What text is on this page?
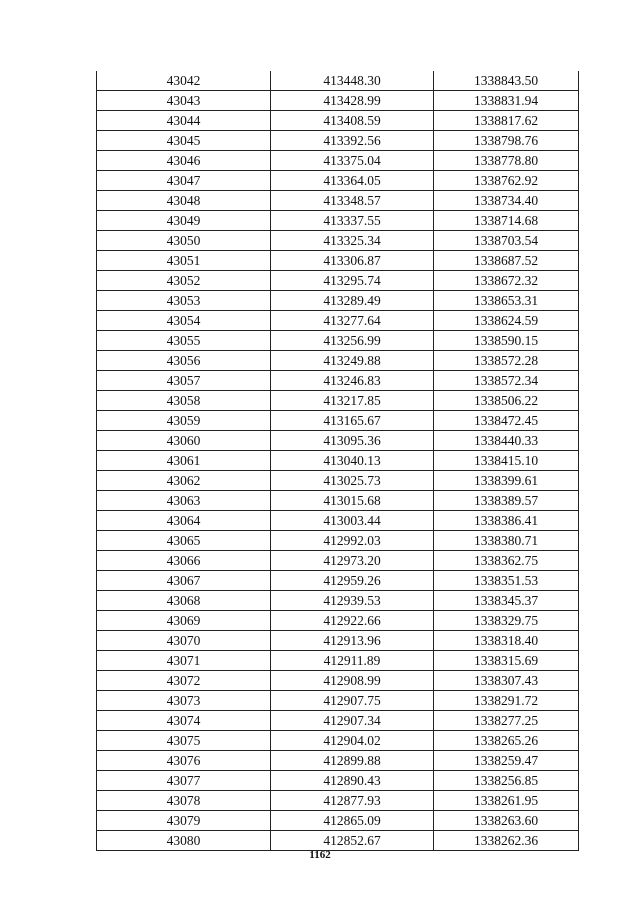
43042	413448.30	1338843.50
43043	413428.99	1338831.94
43044	413408.59	1338817.62
43045	413392.56	1338798.76
43046	413375.04	1338778.80
43047	413364.05	1338762.92
43048	413348.57	1338734.40
43049	413337.55	1338714.68
43050	413325.34	1338703.54
43051	413306.87	1338687.52
43052	413295.74	1338672.32
43053	413289.49	1338653.31
43054	413277.64	1338624.59
43055	413256.99	1338590.15
43056	413249.88	1338572.28
43057	413246.83	1338572.34
43058	413217.85	1338506.22
43059	413165.67	1338472.45
43060	413095.36	1338440.33
43061	413040.13	1338415.10
43062	413025.73	1338399.61
43063	413015.68	1338389.57
43064	413003.44	1338386.41
43065	412992.03	1338380.71
43066	412973.20	1338362.75
43067	412959.26	1338351.53
43068	412939.53	1338345.37
43069	412922.66	1338329.75
43070	412913.96	1338318.40
43071	412911.89	1338315.69
43072	412908.99	1338307.43
43073	412907.75	1338291.72
43074	412907.34	1338277.25
43075	412904.02	1338265.26
43076	412899.88	1338259.47
43077	412890.43	1338256.85
43078	412877.93	1338261.95
43079	412865.09	1338263.60
43080	412852.67	1338262.36
1162
